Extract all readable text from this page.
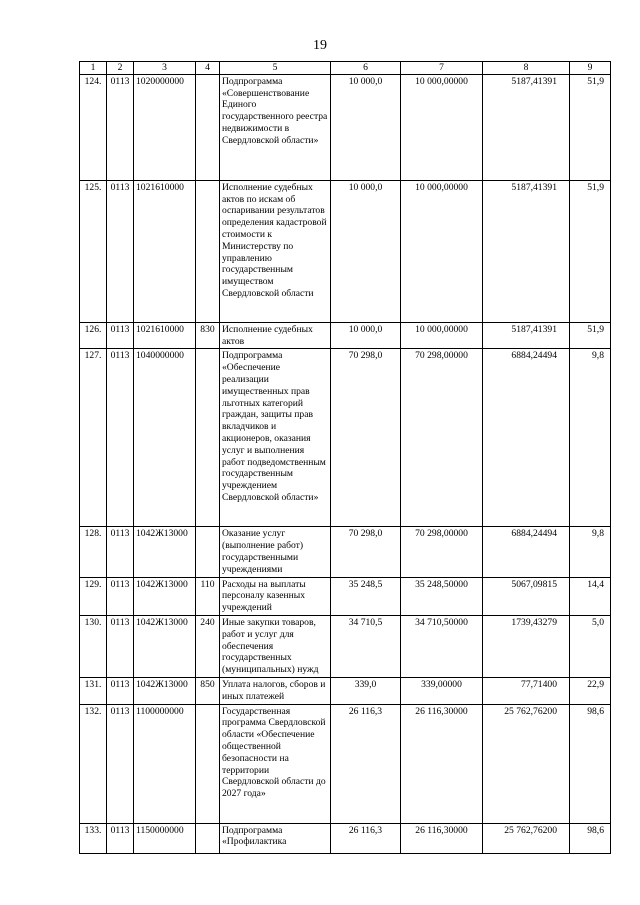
19
1	2	3	4	5	6	7	8	9
124.	0113	1020000000		Подпрограмма «Совершенствование Единого государственного реестра недвижимости в Свердловской области»	10 000,0	10 000,00000	5187,41391	51,9
125.	0113	1021610000		Исполнение судебных актов по искам об оспаривании результатов определения кадастровой стоимости к Министерству по управлению государственным имуществом Свердловской области	10 000,0	10 000,00000	5187,41391	51,9
126.	0113	1021610000	830	Исполнение судебных актов	10 000,0	10 000,00000	5187,41391	51,9
127.	0113	1040000000		Подпрограмма «Обеспечение реализации имущественных прав льготных категорий граждан, защиты прав вкладчиков и акционеров, оказания услуг и выполнения работ подведомственным государственным учреждением Свердловской области»	70 298,0	70 298,00000	6884,24494	9,8
128.	0113	1042Ж13000		Оказание услуг (выполнение работ) государственными учреждениями	70 298,0	70 298,00000	6884,24494	9,8
129.	0113	1042Ж13000	110	Расходы на выплаты персоналу казенных учреждений	35 248,5	35 248,50000	5067,09815	14,4
130.	0113	1042Ж13000	240	Иные закупки товаров, работ и услуг для обеспечения государственных (муниципальных) нужд	34 710,5	34 710,50000	1739,43279	5,0
131.	0113	1042Ж13000	850	Уплата налогов, сборов и иных платежей	339,0	339,00000	77,71400	22,9
132.	0113	1100000000		Государственная программа Свердловской области «Обеспечение общественной безопасности на территории Свердловской области до 2027 года»	26 116,3	26 116,30000	25 762,76200	98,6
133.	0113	1150000000		Подпрограмма «Профилактика	26 116,3	26 116,30000	25 762,76200	98,6
